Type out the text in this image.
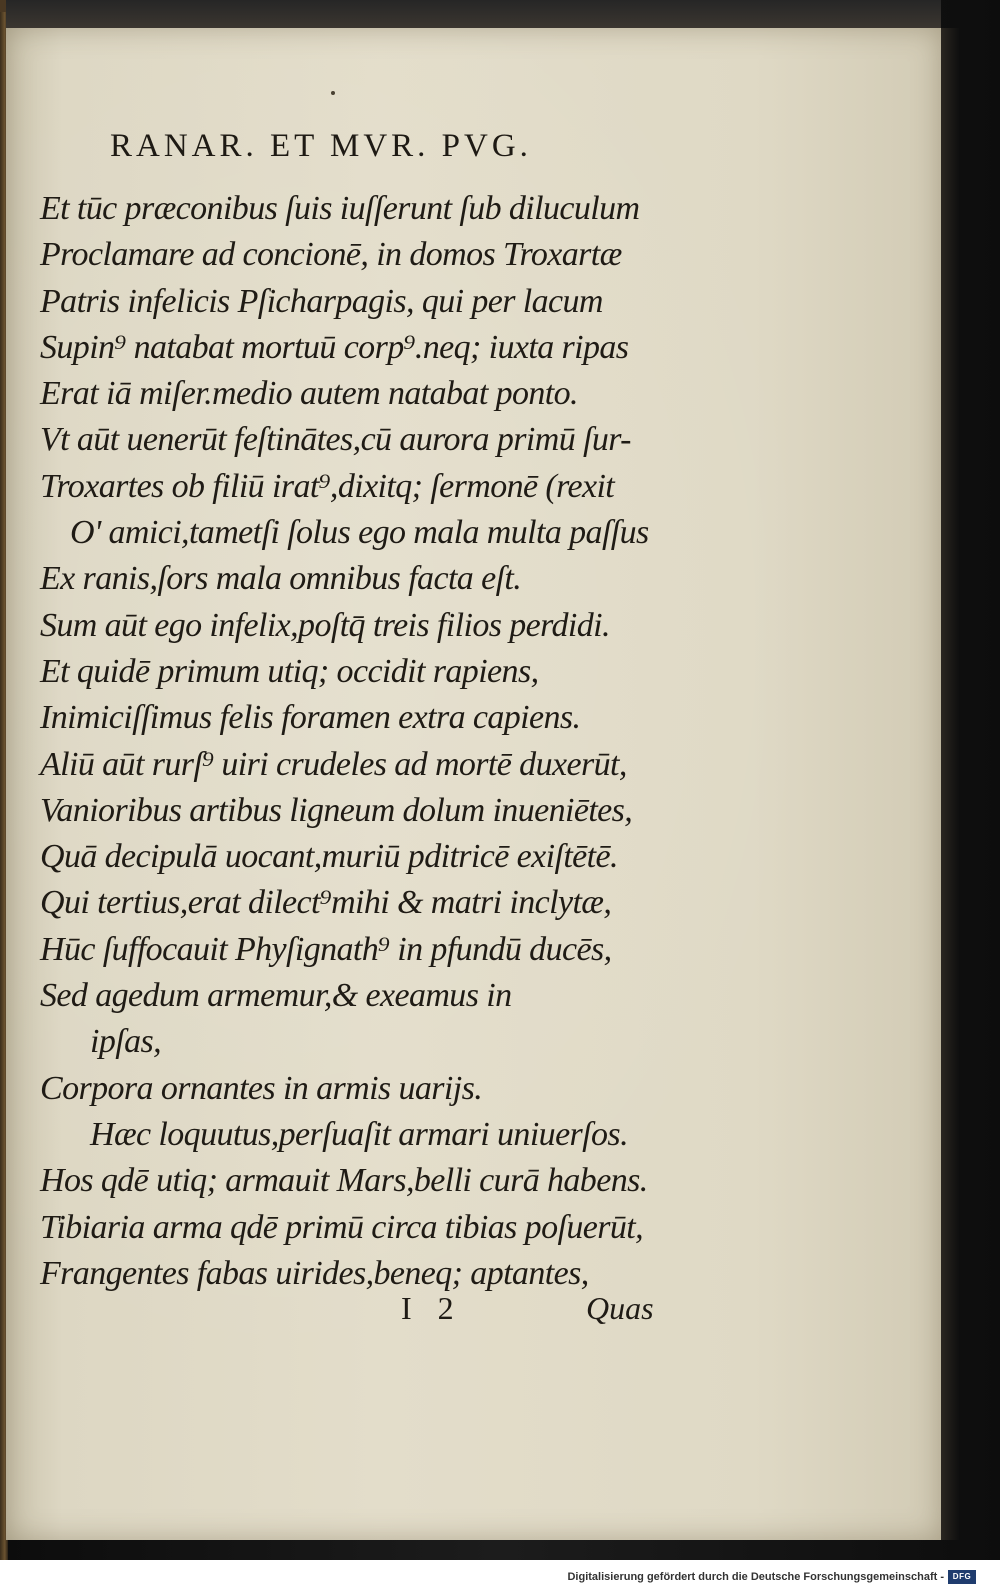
RANAR. ET MVR. PVG.
Et tūc præconibus ſuis iuſſerunt ſub diluculum
Proclamare ad concionē, in domos Troxartæ
Patris infelicis Pſicharpagis, qui per lacum
Supin⁹ natabat mortuū corp⁹.neq; iuxta ripas
Erat iā miſer.medio autem natabat ponto.
Vt aūt uenerūt feſtinātes,cū aurora primū ſur-
Troxartes ob filiū irat⁹,dixitq; ſermonē (rexit
O' amici,tametſi ſolus ego mala multa paſſus
Ex ranis,ſors mala omnibus facta eſt.
Sum aūt ego infelix,poſtq̄ treis filios perdidi.
Et quidē primum utiq; occidit rapiens,
Inimiciſſimus felis foramen extra capiens.
Aliū aūt rurſ⁹ uiri crudeles ad mortē duxerūt,
Vanioribus artibus ligneum dolum inueniētes,
Quā decipulā uocant,muriū pditricē exiſtētē.
Qui tertius,erat dilect⁹mihi & matri inclytæ,
Hūc ſuffocauit Phyſignath⁹ in pfundū ducēs,
Sed agedum armemur,& exeamus in
ipſas,
Corpora ornantes in armis uarijs.
Hæc loquutus,perſuaſit armari uniuerſos.
Hos qdē utiq; armauit Mars,belli curā habens.
Tibiaria arma qdē primū circa tibias poſuerūt,
Frangentes fabas uirides,beneq; aptantes,
I 2	Quas
Digitalisierung gefördert durch die Deutsche Forschungsgemeinschaft -	DFG
